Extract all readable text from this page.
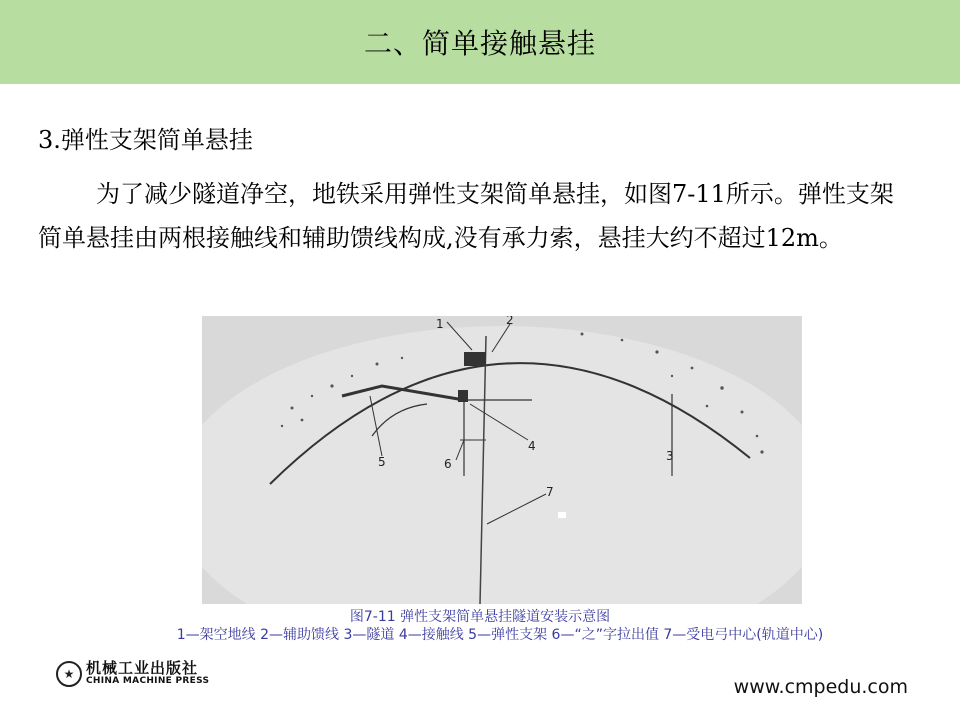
二、简单接触悬挂
3.弹性支架简单悬挂
为了减少隧道净空，地铁采用弹性支架简单悬挂，如图7-11所示。弹性支架简单悬挂由两根接触线和辅助馈线构成,没有承力索，悬挂大约不超过12m。
1	2
3
4
5	6
7
图7-11 弹性支架简单悬挂隧道安装示意图
1—架空地线 2—辅助馈线 3—隧道 4—接触线 5—弹性支架 6—“之”字拉出值 7—受电弓中心(轨道中心)
★ 机械工业出版社
CHINA MACHINE PRESS	www.cmpedu.com
